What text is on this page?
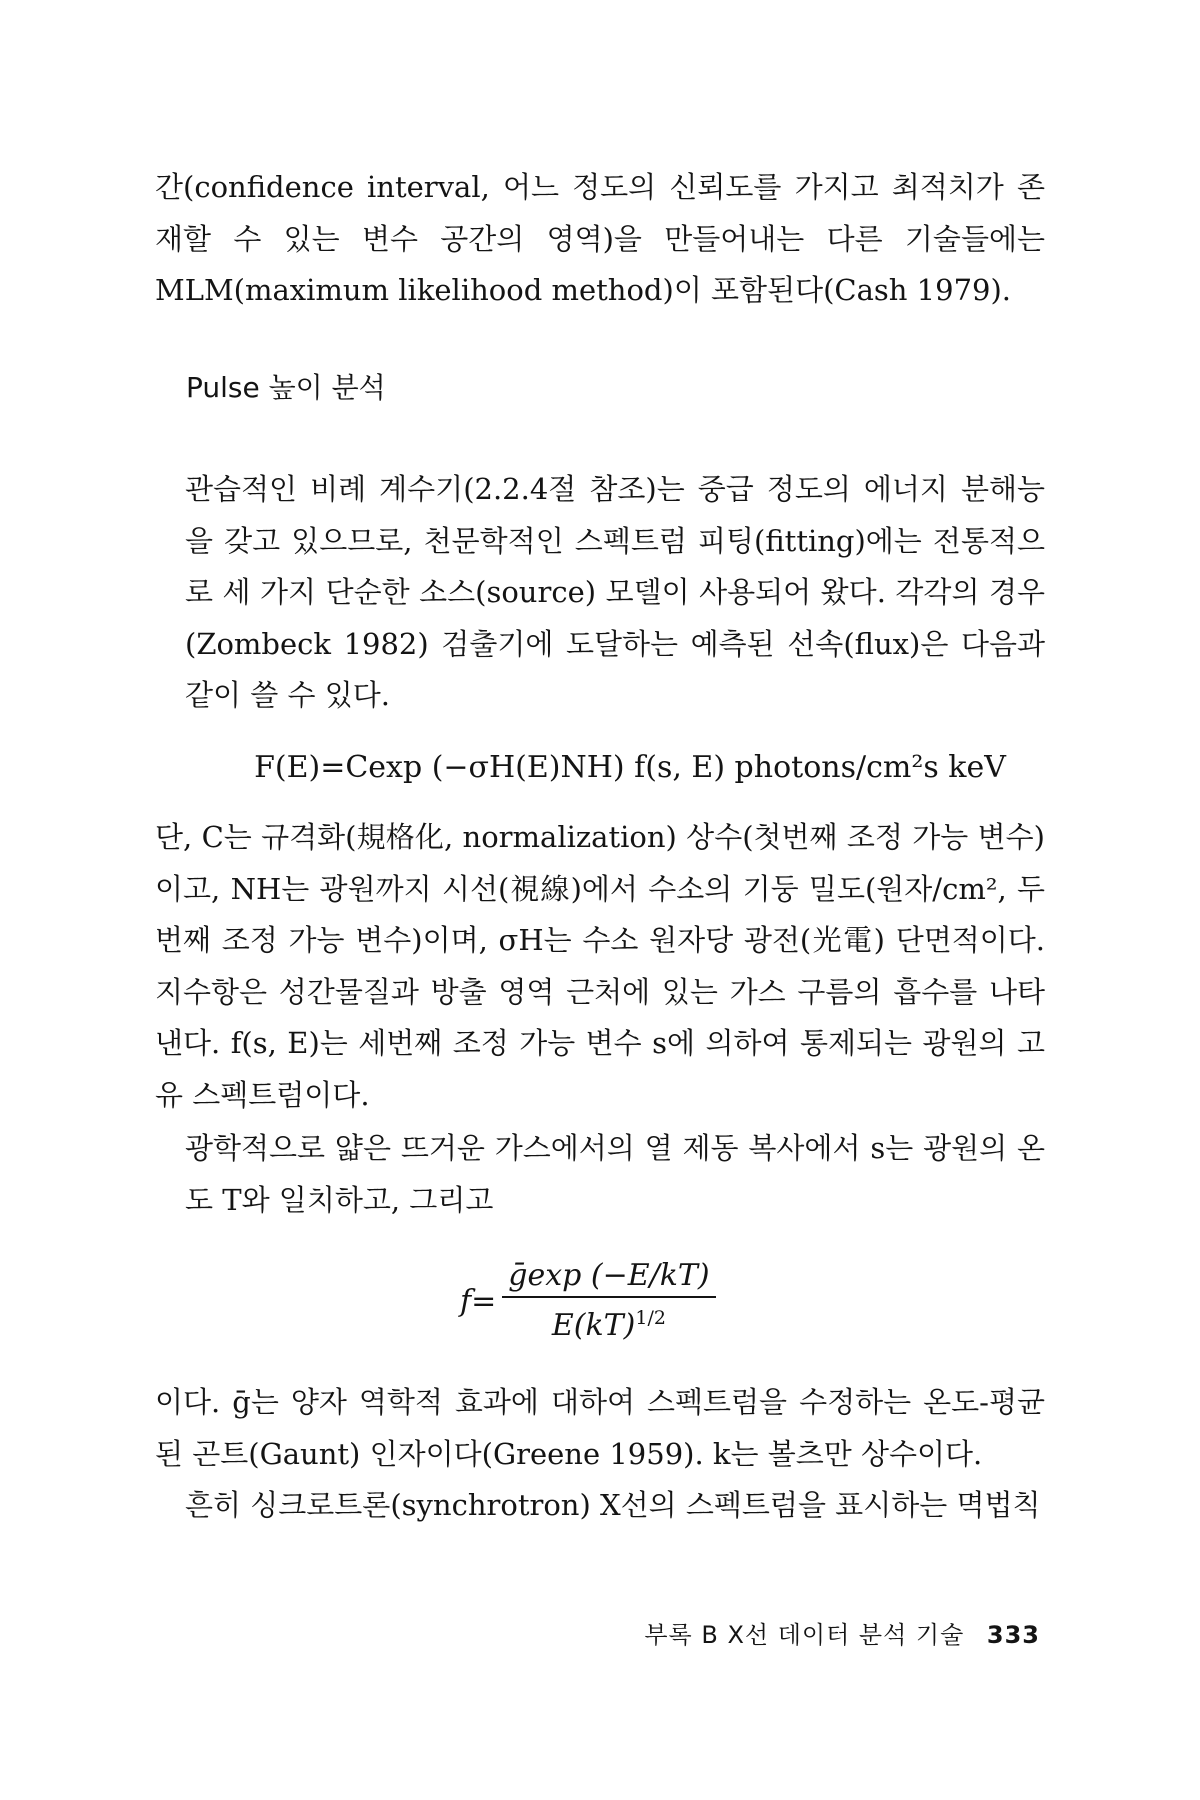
간(confidence interval, 어느 정도의 신뢰도를 가지고 최적치가 존재할 수 있는 변수 공간의 영역)을 만들어내는 다른 기술들에는 MLM(maximum likelihood method)이 포함된다(Cash 1979).
Pulse 높이 분석
관습적인 비례 계수기(2.2.4절 참조)는 중급 정도의 에너지 분해능을 갖고 있으므로, 천문학적인 스펙트럼 피팅(fitting)에는 전통적으로 세 가지 단순한 소스(source) 모델이 사용되어 왔다. 각각의 경우(Zombeck 1982) 검출기에 도달하는 예측된 선속(flux)은 다음과 같이 쓸 수 있다.
F(E)=Cexp (−σH(E)NH) f(s, E) photons/cm²s keV
단, C는 규격화(規格化, normalization) 상수(첫번째 조정 가능 변수)이고, NH는 광원까지 시선(視線)에서 수소의 기둥 밀도(원자/cm², 두번째 조정 가능 변수)이며, σH는 수소 원자당 광전(光電) 단면적이다. 지수항은 성간물질과 방출 영역 근처에 있는 가스 구름의 흡수를 나타낸다. f(s, E)는 세번째 조정 가능 변수 s에 의하여 통제되는 광원의 고유 스펙트럼이다.
광학적으로 얇은 뜨거운 가스에서의 열 제동 복사에서 s는 광원의 온도 T와 일치하고, 그리고
$f= \frac{\text{ḡexp (−E/kT)}}{E(kT)^{1/2}}$
이다. ḡ는 양자 역학적 효과에 대하여 스펙트럼을 수정하는 온도-평균된 곤트(Gaunt) 인자이다(Greene 1959). k는 볼츠만 상수이다.
흔히 싱크로트론(synchrotron) X선의 스펙트럼을 표시하는 멱법칙
부록 B X선 데이터 분석 기술 333
